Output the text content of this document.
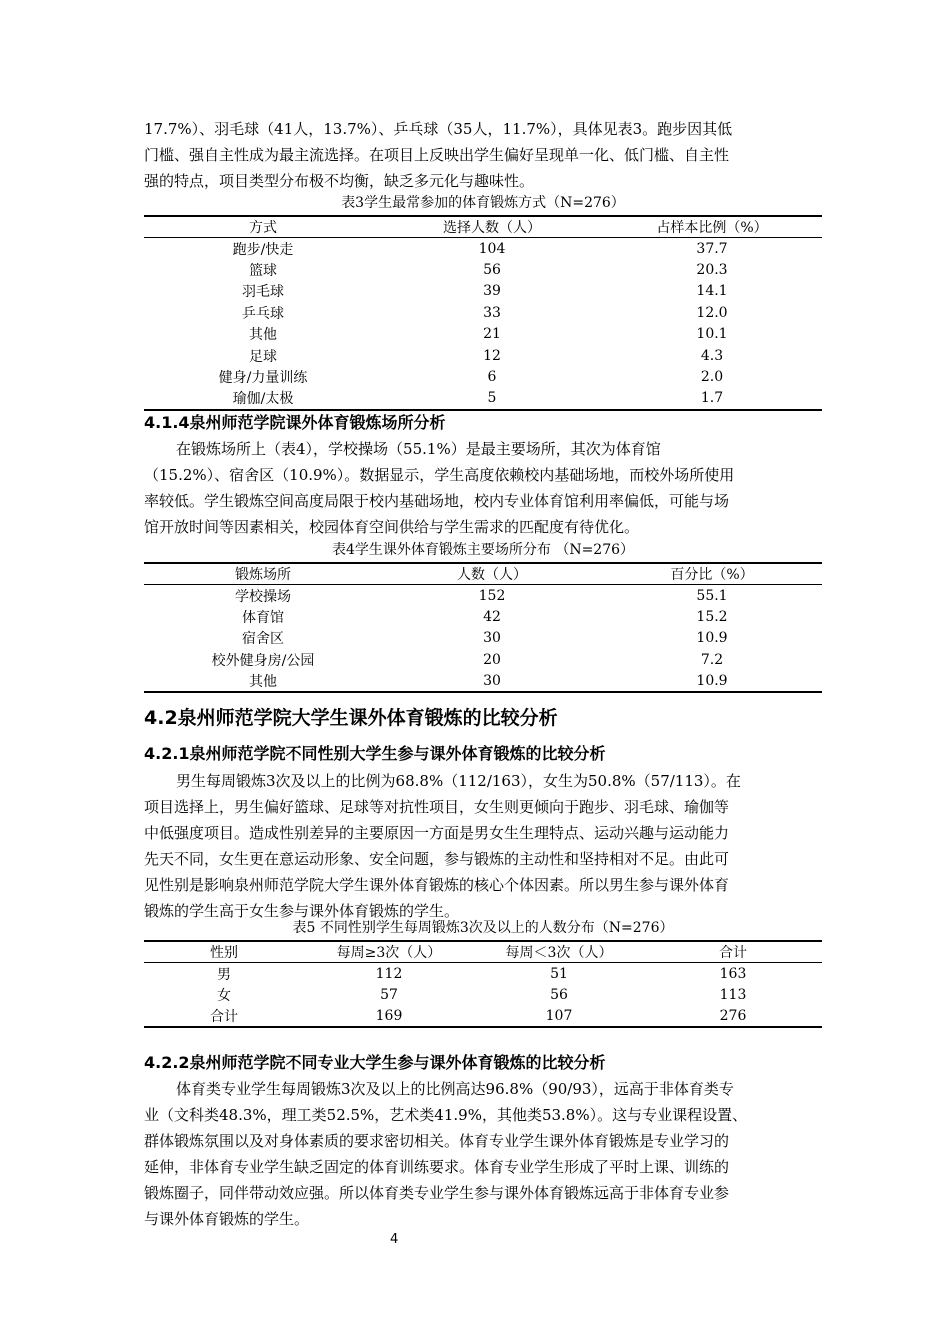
17.7%）、羽毛球（41人，13.7%）、乒乓球（35人，11.7%），具体见表3。跑步因其低

门槛、强自主性成为最主流选择。在项目上反映出学生偏好呈现单一化、低门槛、自主性

强的特点，项目类型分布极不均衡，缺乏多元化与趣味性。

表3学生最常参加的体育锻炼方式（N=276）
方式	选择人数（人）	占样本比例（%）
跑步/快走	104	37.7
篮球	56	20.3
羽毛球	39	14.1
乒乓球	33	12.0
其他	21	10.1
足球	12	4.3
健身/力量训练	6	2.0
瑜伽/太极	5	1.7
4.1.4泉州师范学院课外体育锻炼场所分析

在锻炼场所上（表4），学校操场（55.1%）是最主要场所，其次为体育馆

（15.2%）、宿舍区（10.9%）。数据显示，学生高度依赖校内基础场地，而校外场所使用

率较低。学生锻炼空间高度局限于校内基础场地，校内专业体育馆利用率偏低，可能与场

馆开放时间等因素相关，校园体育空间供给与学生需求的匹配度有待优化。

表4学生课外体育锻炼主要场所分布 （N=276）
锻炼场所	人数（人）	百分比（%）
学校操场	152	55.1
体育馆	42	15.2
宿舍区	30	10.9
校外健身房/公园	20	7.2
其他	30	10.9
4.2泉州师范学院大学生课外体育锻炼的比较分析
4.2.1泉州师范学院不同性别大学生参与课外体育锻炼的比较分析

男生每周锻炼3次及以上的比例为68.8%（112/163），女生为50.8%（57/113）。在

项目选择上，男生偏好篮球、足球等对抗性项目，女生则更倾向于跑步、羽毛球、瑜伽等

中低强度项目。造成性别差异的主要原因一方面是男女生生理特点、运动兴趣与运动能力

先天不同，女生更在意运动形象、安全问题，参与锻炼的主动性和坚持相对不足。由此可

见性别是影响泉州师范学院大学生课外体育锻炼的核心个体因素。所以男生参与课外体育

锻炼的学生高于女生参与课外体育锻炼的学生。

表5 不同性别学生每周锻炼3次及以上的人数分布（N=276）
性别	每周≥3次（人）	每周＜3次（人）	合计
男	112	51	163
女	57	56	113
合计	169	107	276
4.2.2泉州师范学院不同专业大学生参与课外体育锻炼的比较分析

体育类专业学生每周锻炼3次及以上的比例高达96.8%（90/93），远高于非体育类专

业（文科类48.3%，理工类52.5%，艺术类41.9%，其他类53.8%）。这与专业课程设置、

群体锻炼氛围以及对身体素质的要求密切相关。体育专业学生课外体育锻炼是专业学习的

延伸，非体育专业学生缺乏固定的体育训练要求。体育专业学生形成了平时上课、训练的

锻炼圈子，同伴带动效应强。所以体育类专业学生参与课外体育锻炼远高于非体育专业参

与课外体育锻炼的学生。

4
